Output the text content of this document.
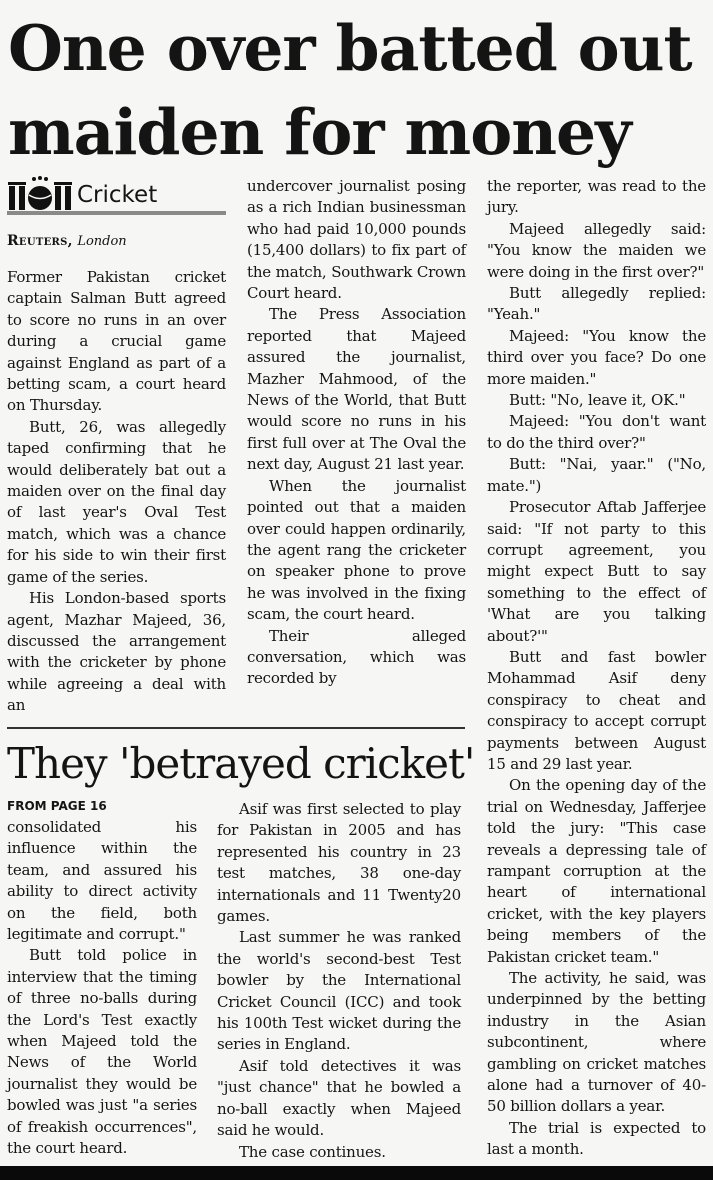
One over batted out maiden for money
Cricket
Reuters, London

Former Pakistan cricket captain Salman Butt agreed to score no runs in an over during a crucial game against England as part of a betting scam, a court heard on Thursday.

Butt, 26, was allegedly taped confirming that he would deliberately bat out a maiden over on the final day of last year's Oval Test match, which was a chance for his side to win their first game of the series.

His London-based sports agent, Mazhar Majeed, 36, discussed the arrangement with the cricketer by phone while agreeing a deal with an

undercover journalist posing as a rich Indian businessman who had paid 10,000 pounds (15,400 dollars) to fix part of the match, Southwark Crown Court heard.

The Press Association reported that Majeed assured the journalist, Mazher Mahmood, of the News of the World, that Butt would score no runs in his first full over at The Oval the next day, August 21 last year.

When the journalist pointed out that a maiden over could happen ordinarily, the agent rang the cricketer on speaker phone to prove he was involved in the fixing scam, the court heard.

Their alleged conversation, which was recorded by

the reporter, was read to the jury.

Majeed allegedly said: "You know the maiden we were doing in the first over?"

Butt allegedly replied: "Yeah."

Majeed: "You know the third over you face? Do one more maiden."

Butt: "No, leave it, OK."

Majeed: "You don't want to do the third over?"

Butt: "Nai, yaar." ("No, mate.")

Prosecutor Aftab Jafferjee said: "If not party to this corrupt agreement, you might expect Butt to say something to the effect of 'What are you talking about?'"

Butt and fast bowler Mohammad Asif deny conspiracy to cheat and conspiracy to accept corrupt payments between August 15 and 29 last year.

On the opening day of the trial on Wednesday, Jafferjee told the jury: "This case reveals a depressing tale of rampant corruption at the heart of international cricket, with the key players being members of the Pakistan cricket team."

The activity, he said, was underpinned by the betting industry in the Asian subcontinent, where gambling on cricket matches alone had a turnover of 40-50 billion dollars a year.

The trial is expected to last a month.

They 'betrayed cricket'
FROM PAGE 16

consolidated his influence within the team, and assured his ability to direct activity on the field, both legitimate and corrupt."

Butt told police in interview that the timing of three no-balls during the Lord's Test exactly when Majeed told the News of the World journalist they would be bowled was just "a series of freakish occurrences", the court heard.

Asif was first selected to play for Pakistan in 2005 and has represented his country in 23 test matches, 38 one-day internationals and 11 Twenty20 games.

Last summer he was ranked the world's second-best Test bowler by the International Cricket Council (ICC) and took his 100th Test wicket during the series in England.

Asif told detectives it was "just chance" that he bowled a no-ball exactly when Majeed said he would.

The case continues.
